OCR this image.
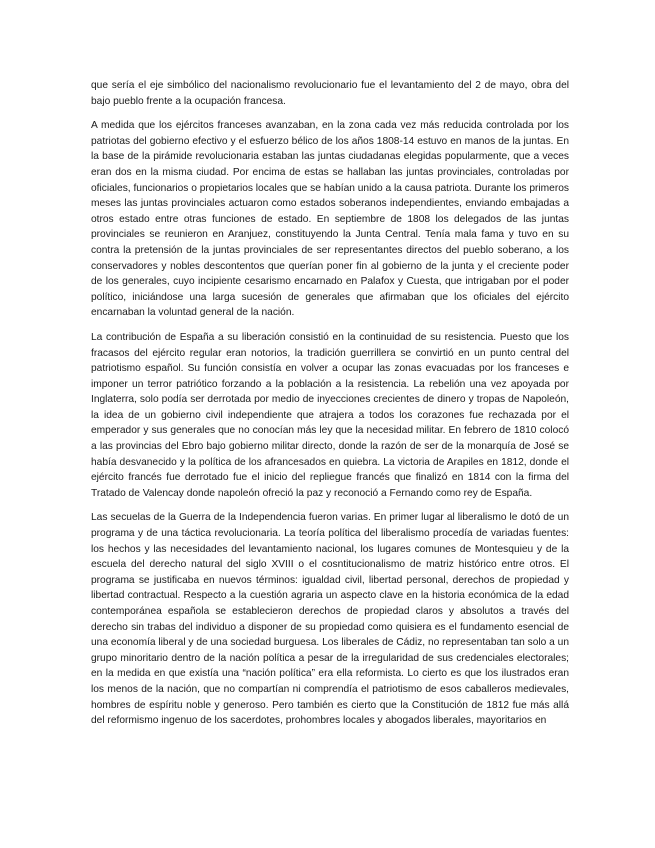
que sería el eje simbólico del nacionalismo revolucionario fue el levantamiento del 2 de mayo, obra del bajo pueblo frente a la ocupación francesa.

A medida que los ejércitos franceses avanzaban, en la zona cada vez más reducida controlada por los patriotas del gobierno efectivo y el esfuerzo bélico de los años 1808-14 estuvo en manos de la juntas. En la base de la pirámide revolucionaria estaban las juntas ciudadanas elegidas popularmente, que a veces eran dos en la misma ciudad. Por encima de estas se hallaban las juntas provinciales, controladas por oficiales, funcionarios o propietarios locales que se habían unido a la causa patriota. Durante los primeros meses las juntas provinciales actuaron como estados soberanos independientes, enviando embajadas a otros estado entre otras funciones de estado. En septiembre de 1808 los delegados de las juntas provinciales se reunieron en Aranjuez, constituyendo la Junta Central. Tenía mala fama y tuvo en su contra la pretensión de la juntas provinciales de ser representantes directos del pueblo soberano, a los conservadores y nobles descontentos que querían poner fin al gobierno de la junta y el creciente poder de los generales, cuyo incipiente cesarismo encarnado en Palafox y Cuesta, que intrigaban por el poder político, iniciándose una larga sucesión de generales que afirmaban que los oficiales del ejército encarnaban la voluntad general de la nación.

La contribución de España a su liberación consistió en la continuidad de su resistencia. Puesto que los fracasos del ejército regular eran notorios, la tradición guerrillera se convirtió en un punto central del patriotismo español. Su función consistía en volver a ocupar las zonas evacuadas por los franceses e imponer un terror patriótico forzando a la población a la resistencia. La rebelión una vez apoyada por Inglaterra, solo podía ser derrotada por medio de inyecciones crecientes de dinero y tropas de Napoleón, la idea de un gobierno civil independiente que atrajera a todos los corazones fue rechazada por el emperador y sus generales que no conocían más ley que la necesidad militar. En febrero de 1810 colocó a las provincias del Ebro bajo gobierno militar directo, donde la razón de ser de la monarquía de José se había desvanecido y la política de los afrancesados en quiebra. La victoria de Arapiles en 1812, donde el ejército francés fue derrotado fue el inicio del repliegue francés que finalizó en 1814 con la firma del Tratado de Valencay donde napoleón ofreció la paz y reconoció a Fernando como rey de España.

Las secuelas de la Guerra de la Independencia fueron varias. En primer lugar al liberalismo le dotó de un programa y de una táctica revolucionaria. La teoría política del liberalismo procedía de variadas fuentes: los hechos y las necesidades del levantamiento nacional, los lugares comunes de Montesquieu y de la escuela del derecho natural del siglo XVIII o el cosntitucionalismo de matriz histórico entre otros. El programa se justificaba en nuevos términos: igualdad civil, libertad personal, derechos de propiedad y libertad contractual. Respecto a la cuestión agraria un aspecto clave en la historia económica de la edad contemporánea española se establecieron derechos de propiedad claros y absolutos a través del derecho sin trabas del individuo a disponer de su propiedad como quisiera es el fundamento esencial de una economía liberal y de una sociedad burguesa. Los liberales de Cádiz, no representaban tan solo a un grupo minoritario dentro de la nación política a pesar de la irregularidad de sus credenciales electorales; en la medida en que existía una “nación política” era ella reformista. Lo cierto es que los ilustrados eran los menos de la nación, que no compartían ni comprendía el patriotismo de esos caballeros medievales, hombres de espíritu noble y generoso. Pero también es cierto que la Constitución de 1812 fue más allá del reformismo ingenuo de los sacerdotes, prohombres locales y abogados liberales, mayoritarios en
